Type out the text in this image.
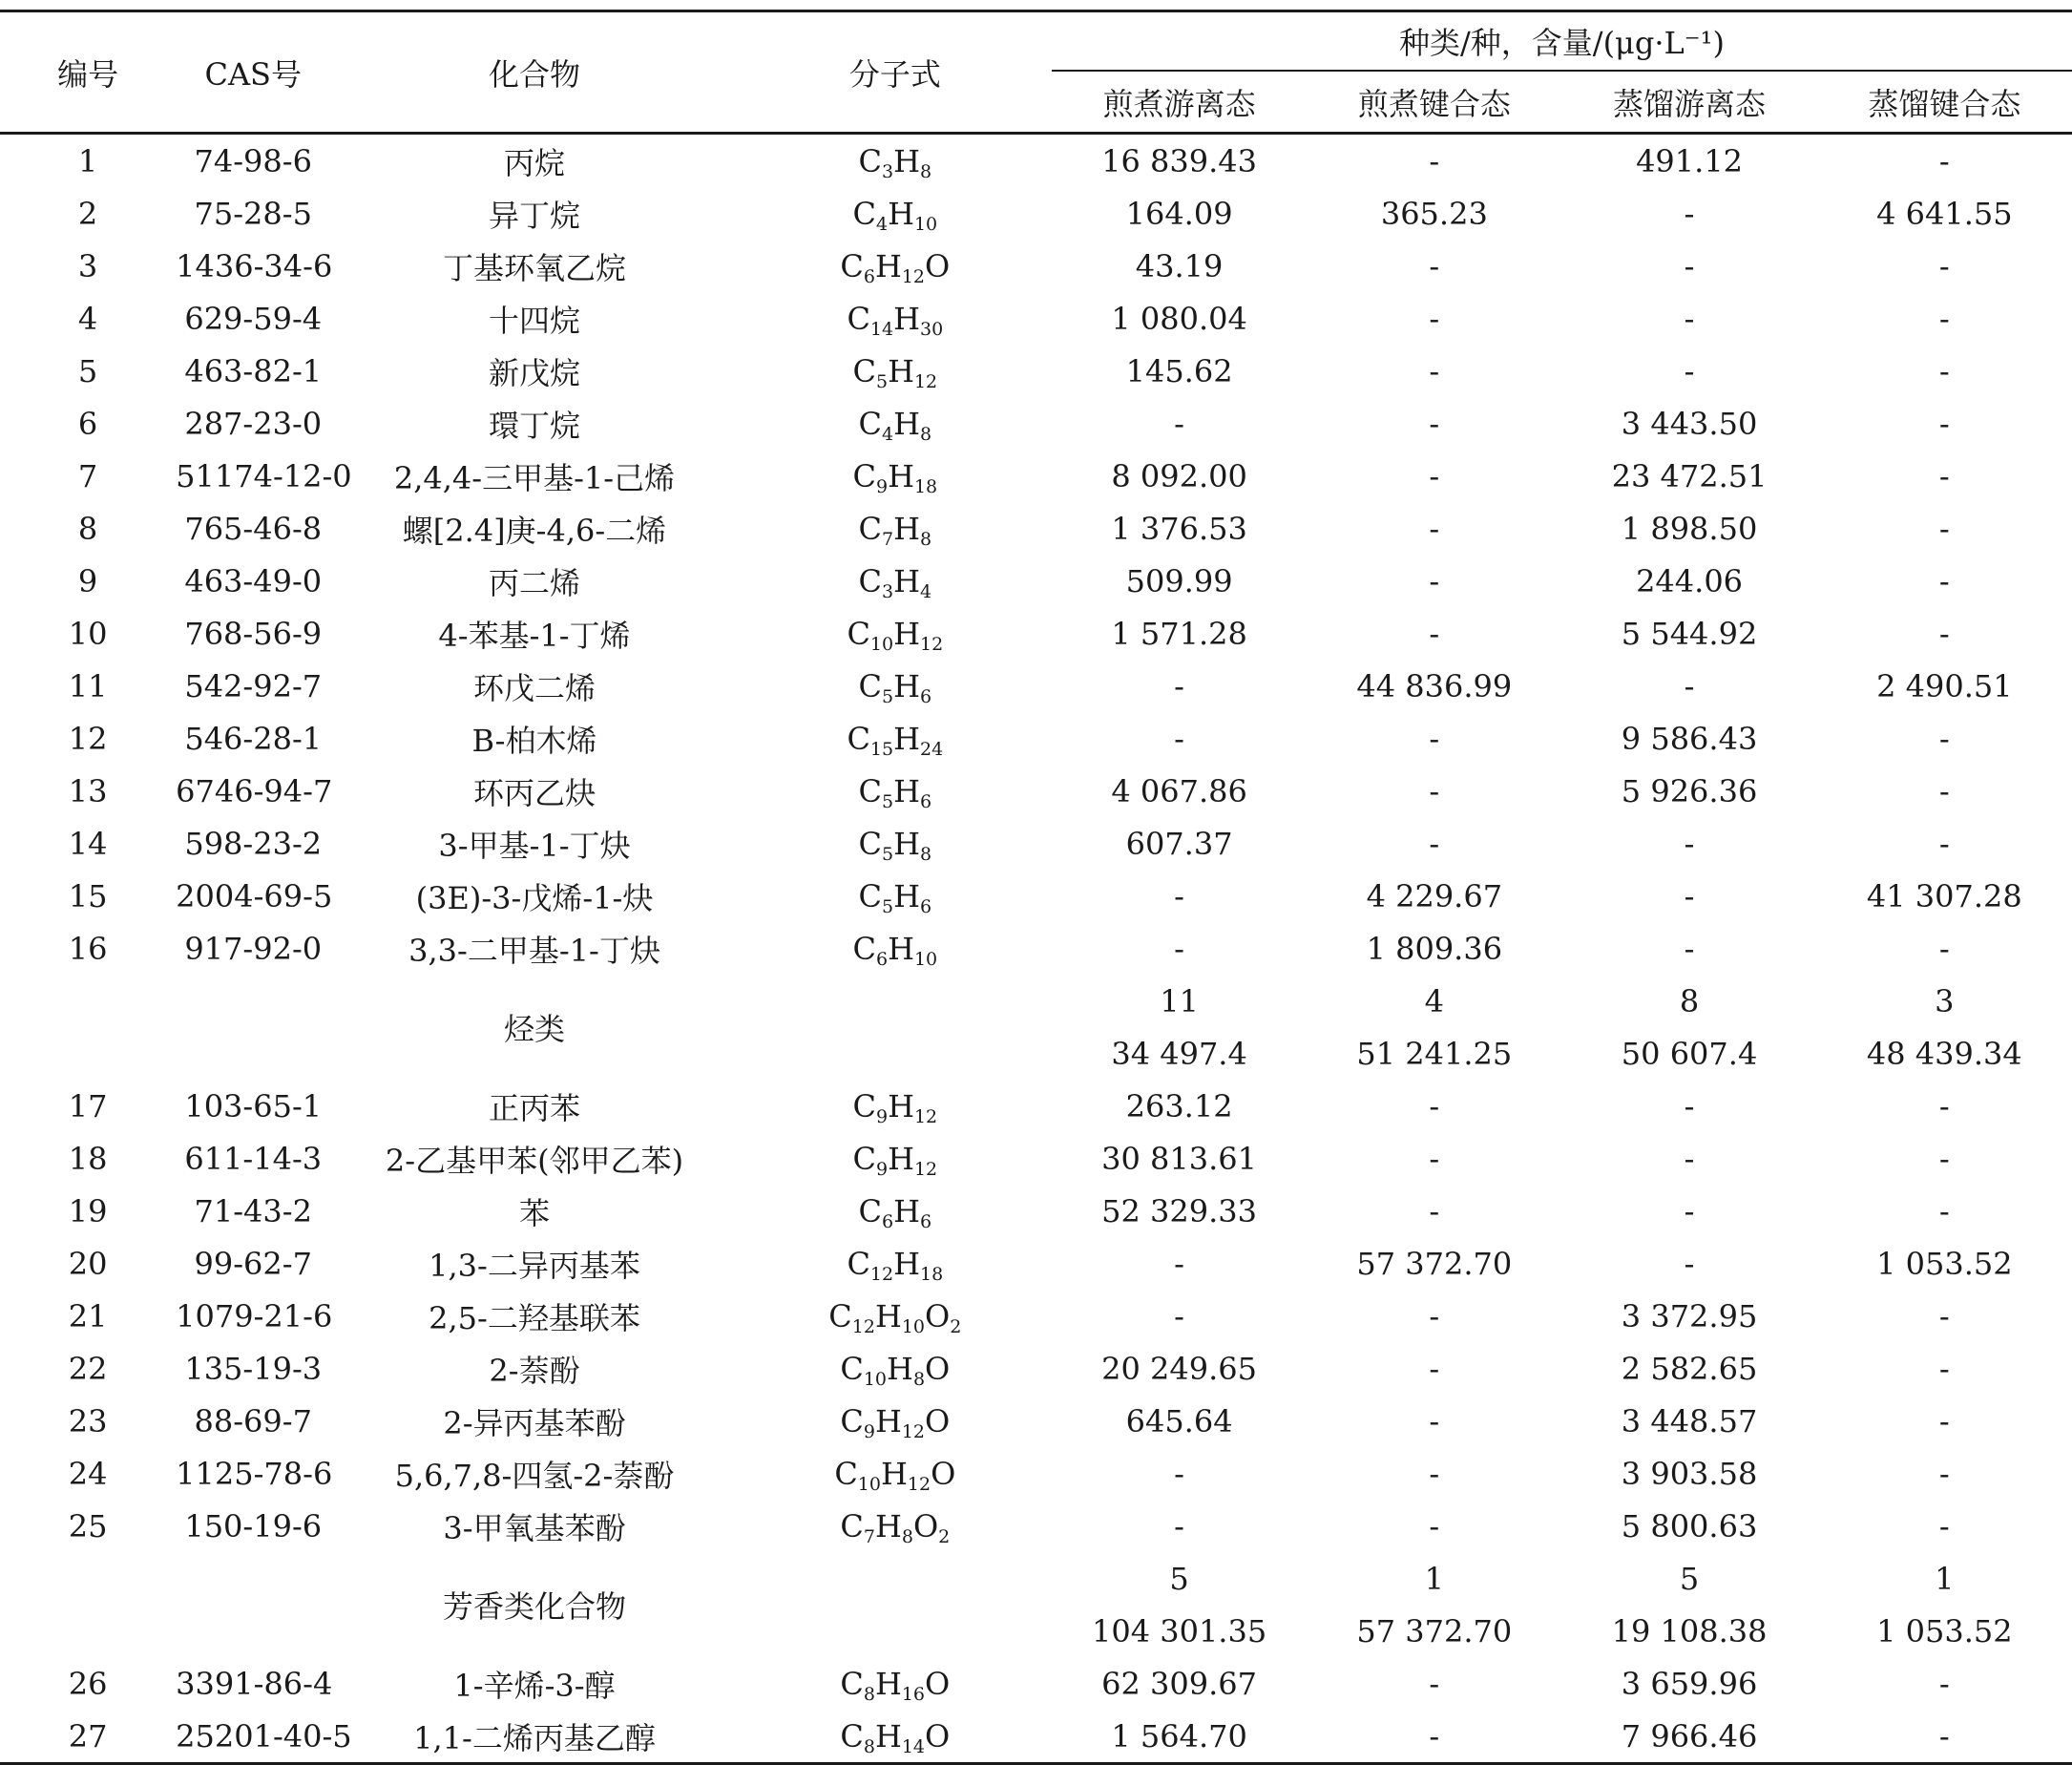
编号	CAS号	化合物	分子式	种类/种，含量/(μg·L⁻¹)			
				煎煮游离态	煎煮键合态	蒸馏游离态	蒸馏键合态
1	74-98-6	丙烷	$C_3H_8$	16 839.43	-	491.12	-
2	75-28-5	异丁烷	$C_4H_{10}$	164.09	365.23	-	4 641.55
3	1436-34-6	丁基环氧乙烷	$C_6H_{12}O$	43.19	-	-	-
4	629-59-4	十四烷	$C_{14}H_{30}$	1 080.04	-	-	-
5	463-82-1	新戊烷	$C_5H_{12}$	145.62	-	-	-
6	287-23-0	環丁烷	$C_4H_8$	-	-	3 443.50	-
7	51174-12-0	2,4,4-三甲基-1-己烯	$C_9H_{18}$	8 092.00	-	23 472.51	-
8	765-46-8	螺[2.4]庚-4,6-二烯	$C_7H_8$	1 376.53	-	1 898.50	-
9	463-49-0	丙二烯	$C_3H_4$	509.99	-	244.06	-
10	768-56-9	4-苯基-1-丁烯	$C_{10}H_{12}$	1 571.28	-	5 544.92	-
11	542-92-7	环戊二烯	$C_5H_6$	-	44 836.99	-	2 490.51
12	546-28-1	B-柏木烯	$C_{15}H_{24}$	-	-	9 586.43	-
13	6746-94-7	环丙乙炔	$C_5H_6$	4 067.86	-	5 926.36	-
14	598-23-2	3-甲基-1-丁炔	$C_5H_8$	607.37	-	-	-
15	2004-69-5	(3E)-3-戊烯-1-炔	$C_5H_6$	-	4 229.67	-	41 307.28
16	917-92-0	3,3-二甲基-1-丁炔	$C_6H_{10}$	-	1 809.36	-	-
		烃类		11	4	8	3
				34 497.4	51 241.25	50 607.4	48 439.34
17	103-65-1	正丙苯	$C_9H_{12}$	263.12	-	-	-
18	611-14-3	2-乙基甲苯(邻甲乙苯)	$C_9H_{12}$	30 813.61	-	-	-
19	71-43-2	苯	$C_6H_6$	52 329.33	-	-	-
20	99-62-7	1,3-二异丙基苯	$C_{12}H_{18}$	-	57 372.70	-	1 053.52
21	1079-21-6	2,5-二羟基联苯	$C_{12}H_{10}O_2$	-	-	3 372.95	-
22	135-19-3	2-萘酚	$C_{10}H_8O$	20 249.65	-	2 582.65	-
23	88-69-7	2-异丙基苯酚	$C_9H_{12}O$	645.64	-	3 448.57	-
24	1125-78-6	5,6,7,8-四氢-2-萘酚	$C_{10}H_{12}O$	-	-	3 903.58	-
25	150-19-6	3-甲氧基苯酚	$C_7H_8O_2$	-	-	5 800.63	-
		芳香类化合物		5	1	5	1
				104 301.35	57 372.70	19 108.38	1 053.52
26	3391-86-4	1-辛烯-3-醇	$C_8H_{16}O$	62 309.67	-	3 659.96	-
27	25201-40-5	1,1-二烯丙基乙醇	$C_8H_{14}O$	1 564.70	-	7 966.46	-
